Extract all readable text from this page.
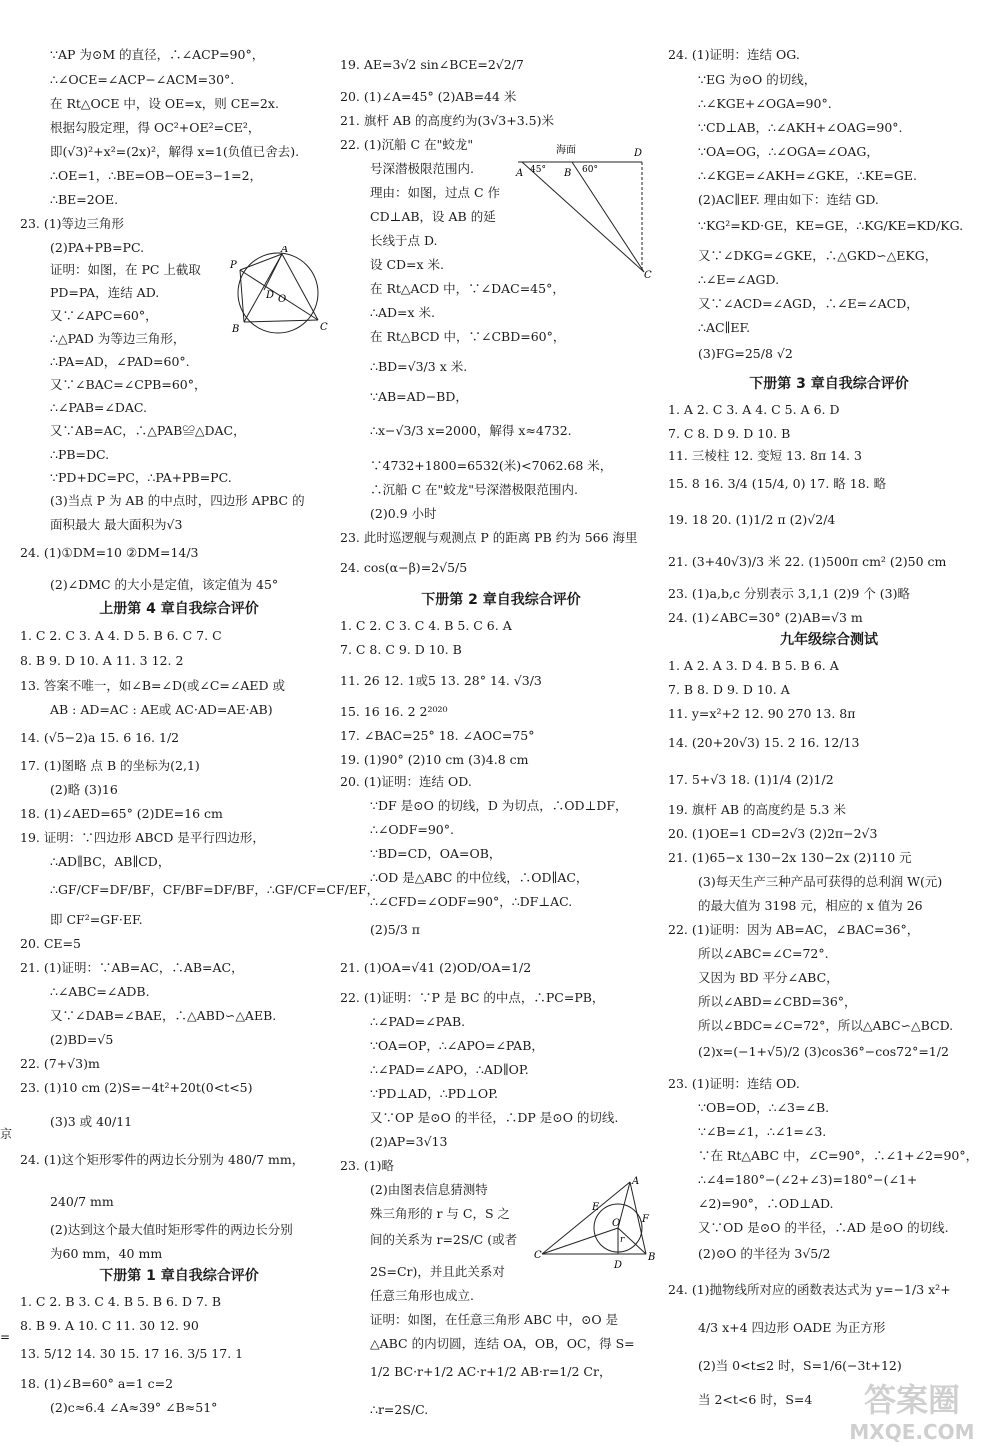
∵AP 为⊙M 的直径，∴∠ACP=90°，
∴∠OCE=∠ACP−∠ACM=30°.
在 Rt△OCE 中，设 OE=x，则 CE=2x.
根据勾股定理，得 OC²+OE²=CE²，
即(√3)²+x²=(2x)²，解得 x=1(负值已舍去).
∴OE=1，∴BE=OB−OE=3−1=2，
∴BE=2OE.
23. (1)等边三角形
(2)PA+PB=PC.
证明：如图，在 PC 上截取
PD=PA，连结 AD.
又∵∠APC=60°，
∴△PAD 为等边三角形，
∴PA=AD，∠PAD=60°.
又∵∠BAC=∠CPB=60°，
∴∠PAB=∠DAC.
又∵AB=AC，∴△PAB≌△DAC，
∴PB=DC.
∵PD+DC=PC，∴PA+PB=PC.
(3)当点 P 为 AB 的中点时，四边形 APBC 的
面积最大 最大面积为√3
24. (1)①DM=10 ②DM=14/3
(2)∠DMC 的大小是定值，该定值为 45°
上册第 4 章自我综合评价
1. C 2. C 3. A 4. D 5. B 6. C 7. C
8. B 9. D 10. A 11. 3 12. 2
13. 答案不唯一，如∠B=∠D(或∠C=∠AED 或
AB : AD=AC : AE或 AC·AD=AE·AB)
14. (√5−2)a 15. 6 16. 1/2
17. (1)图略 点 B 的坐标为(2,1)
(2)略 (3)16
18. (1)∠AED=65° (2)DE=16 cm
19. 证明：∵四边形 ABCD 是平行四边形，
∴AD∥BC，AB∥CD，
∴GF/CF=DF/BF，CF/BF=DF/BF，∴GF/CF=CF/EF，
即 CF²=GF·EF.
20. CE=5
21. (1)证明：∵AB=AC，∴AB=AC，
∴∠ABC=∠ADB.
又∵∠DAB=∠BAE，∴△ABD∽△AEB.
(2)BD=√5
22. (7+√3)m
23. (1)10 cm (2)S=−4t²+20t(0<t<5)
(3)3 或 40/11
24. (1)这个矩形零件的两边长分别为 480/7 mm，
240/7 mm
(2)达到这个最大值时矩形零件的两边长分别
为60 mm，40 mm
下册第 1 章自我综合评价
1. C 2. B 3. C 4. B 5. B 6. D 7. B
8. B 9. A 10. C 11. 30 12. 90
13. 5/12 14. 30 15. 17 16. 3/5 17. 1
18. (1)∠B=60° a=1 c=2
(2)c≈6.4 ∠A≈39° ∠B≈51°
19. AE=3√2 sin∠BCE=2√2/7
20. (1)∠A=45° (2)AB=44 米
21. 旗杆 AB 的高度约为(3√3+3.5)米
22. (1)沉船 C 在"蛟龙"
号深潜极限范围内.
理由：如图，过点 C 作
CD⊥AB，设 AB 的延
长线于点 D.
设 CD=x 米.
在 Rt△ACD 中，∵∠DAC=45°，
∴AD=x 米.
在 Rt△BCD 中，∵∠CBD=60°，
∴BD=√3/3 x 米.
∵AB=AD−BD，
∴x−√3/3 x=2000，解得 x≈4732.
∵4732+1800=6532(米)<7062.68 米，
∴沉船 C 在"蛟龙"号深潜极限范围内.
(2)0.9 小时
23. 此时巡逻舰与观测点 P 的距离 PB 约为 566 海里
24. cos(α−β)=2√5/5
下册第 2 章自我综合评价
1. C 2. C 3. C 4. B 5. C 6. A
7. C 8. C 9. D 10. B
11. 26 12. 1或5 13. 28° 14. √3/3
15. 16 16. 2 2²⁰²⁰
17. ∠BAC=25° 18. ∠AOC=75°
19. (1)90° (2)10 cm (3)4.8 cm
20. (1)证明：连结 OD.
∵DF 是⊙O 的切线，D 为切点，∴OD⊥DF，
∴∠ODF=90°.
∵BD=CD，OA=OB，
∴OD 是△ABC 的中位线，∴OD∥AC，
∴∠CFD=∠ODF=90°，∴DF⊥AC.
(2)5/3 π
21. (1)OA=√41 (2)OD/OA=1/2
22. (1)证明：∵P 是 BC 的中点，∴PC=PB，
∴∠PAD=∠PAB.
∵OA=OP，∴∠APO=∠PAB，
∴∠PAD=∠APO，∴AD∥OP.
∵PD⊥AD，∴PD⊥OP.
又∵OP 是⊙O 的半径，∴DP 是⊙O 的切线.
(2)AP=3√13
23. (1)略
(2)由图表信息猜测特
殊三角形的 r 与 C，S 之
间的关系为 r=2S/C (或者
2S=Cr)，并且此关系对
任意三角形也成立.
证明：如图，在任意三角形 ABC 中，⊙O 是
△ABC 的内切圆，连结 OA，OB，OC，得 S=
1/2 BC·r+1/2 AC·r+1/2 AB·r=1/2 Cr，
∴r=2S/C.
24. (1)证明：连结 OG.
∵EG 为⊙O 的切线，
∴∠KGE+∠OGA=90°.
∵CD⊥AB，∴∠AKH+∠OAG=90°.
∵OA=OG，∴∠OGA=∠OAG，
∴∠KGE=∠AKH=∠GKE，∴KE=GE.
(2)AC∥EF. 理由如下：连结 GD.
∵KG²=KD·GE，KE=GE，∴KG/KE=KD/KG.
又∵∠DKG=∠GKE，∴△GKD∽△EKG，
∴∠E=∠AGD.
又∵∠ACD=∠AGD，∴∠E=∠ACD，
∴AC∥EF.
(3)FG=25/8 √2
下册第 3 章自我综合评价
1. A 2. C 3. A 4. C 5. A 6. D
7. C 8. D 9. D 10. B
11. 三棱柱 12. 变短 13. 8π 14. 3
15. 8 16. 3/4 (15/4, 0) 17. 略 18. 略
19. 18 20. (1)1/2 π (2)√2/4
21. (3+40√3)/3 米 22. (1)500π cm² (2)50 cm
23. (1)a,b,c 分别表示 3,1,1 (2)9 个 (3)略
24. (1)∠ABC=30° (2)AB=√3 m
九年级综合测试
1. A 2. A 3. D 4. B 5. B 6. A
7. B 8. D 9. D 10. A
11. y=x²+2 12. 90 270 13. 8π
14. (20+20√3) 15. 2 16. 12/13
17. 5+√3 18. (1)1/4 (2)1/2
19. 旗杆 AB 的高度约是 5.3 米
20. (1)OE=1 CD=2√3 (2)2π−2√3
21. (1)65−x 130−2x 130−2x (2)110 元
(3)每天生产三种产品可获得的总利润 W(元)
的最大值为 3198 元，相应的 x 值为 26
22. (1)证明：因为 AB=AC，∠BAC=36°，
所以∠ABC=∠C=72°.
又因为 BD 平分∠ABC，
所以∠ABD=∠CBD=36°，
所以∠BDC=∠C=72°，所以△ABC∽△BCD.
(2)x=(−1+√5)/2 (3)cos36°−cos72°=1/2
23. (1)证明：连结 OD.
∵OB=OD，∴∠3=∠B.
∵∠B=∠1，∴∠1=∠3.
∵在 Rt△ABC 中，∠C=90°，∴∠1+∠2=90°，
∴∠4=180°−(∠2+∠3)=180°−(∠1+
∠2)=90°，∴OD⊥AD.
又∵OD 是⊙O 的半径，∴AD 是⊙O 的切线.
(2)⊙O 的半径为 3√5/2
24. (1)抛物线所对应的函数表达式为 y=−1/3 x²+
4/3 x+4 四边形 OADE 为正方形
(2)当 0<t≤2 时，S=1/6(−3t+12)
当 2<t<6 时，S=4
A
P
B	C
O
D
海面
A 45° B 60°
D
C
A
E
F
O
r
C
D
B
京
=
答案圈
MXQE.COM
